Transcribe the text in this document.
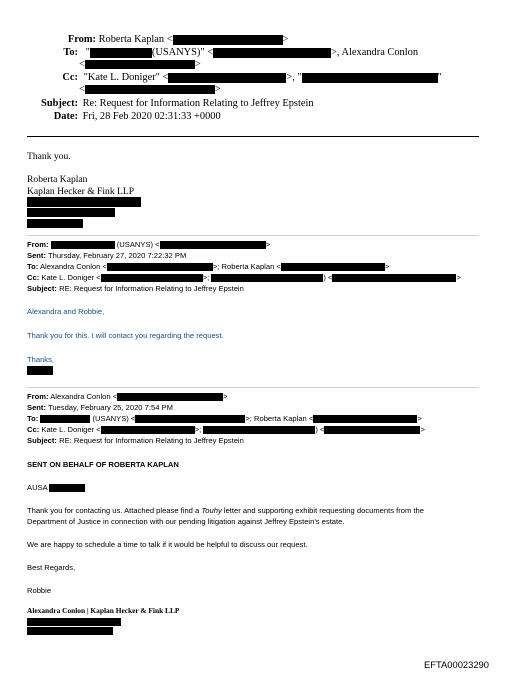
From: Roberta Kaplan <	>
To: "	(USANYS)" <	>, Alexandra Conlon
<	>
Cc: "Kate L. Doniger" <	>, "	"
<	>
Subject: Re: Request for Information Relating to Jeffrey Epstein
Date: Fri, 28 Feb 2020 02:31:33 +0000
Thank you.
Roberta Kaplan
Kaplan Hecker & Fink LLP
From:	(USANYS) <	>
Sent: Thursday, February 27, 2020 7:22:32 PM
To: Alexandra Conlon <	>; Roberta Kaplan <	>
Cc: Kate L. Doniger <	>;	) <	>
Subject: RE: Request for Information Relating to Jeffrey Epstein
Alexandra and Robbie,
Thank you for this. I will contact you regarding the request.
Thanks,
From: Alexandra Conlon <	>
Sent: Tuesday, February 25, 2020 7:54 PM
To:	(USANYS) <	>; Roberta Kaplan <	>
Cc: Kate L. Doniger <	>;	) <	>
Subject: RE: Request for Information Relating to Jeffrey Epstein
SENT ON BEHALF OF ROBERTA KAPLAN
AUSA
Thank you for contacting us. Attached please find a Touhy letter and supporting exhibit requesting documents from the
Department of Justice in connection with our pending litigation against Jeffrey Epstein's estate.
We are happy to schedule a time to talk if it would be helpful to discuss our request.
Best Regards,
Robbie
Alexandra Conlon | Kaplan Hecker & Fink LLP
EFTA00023290
